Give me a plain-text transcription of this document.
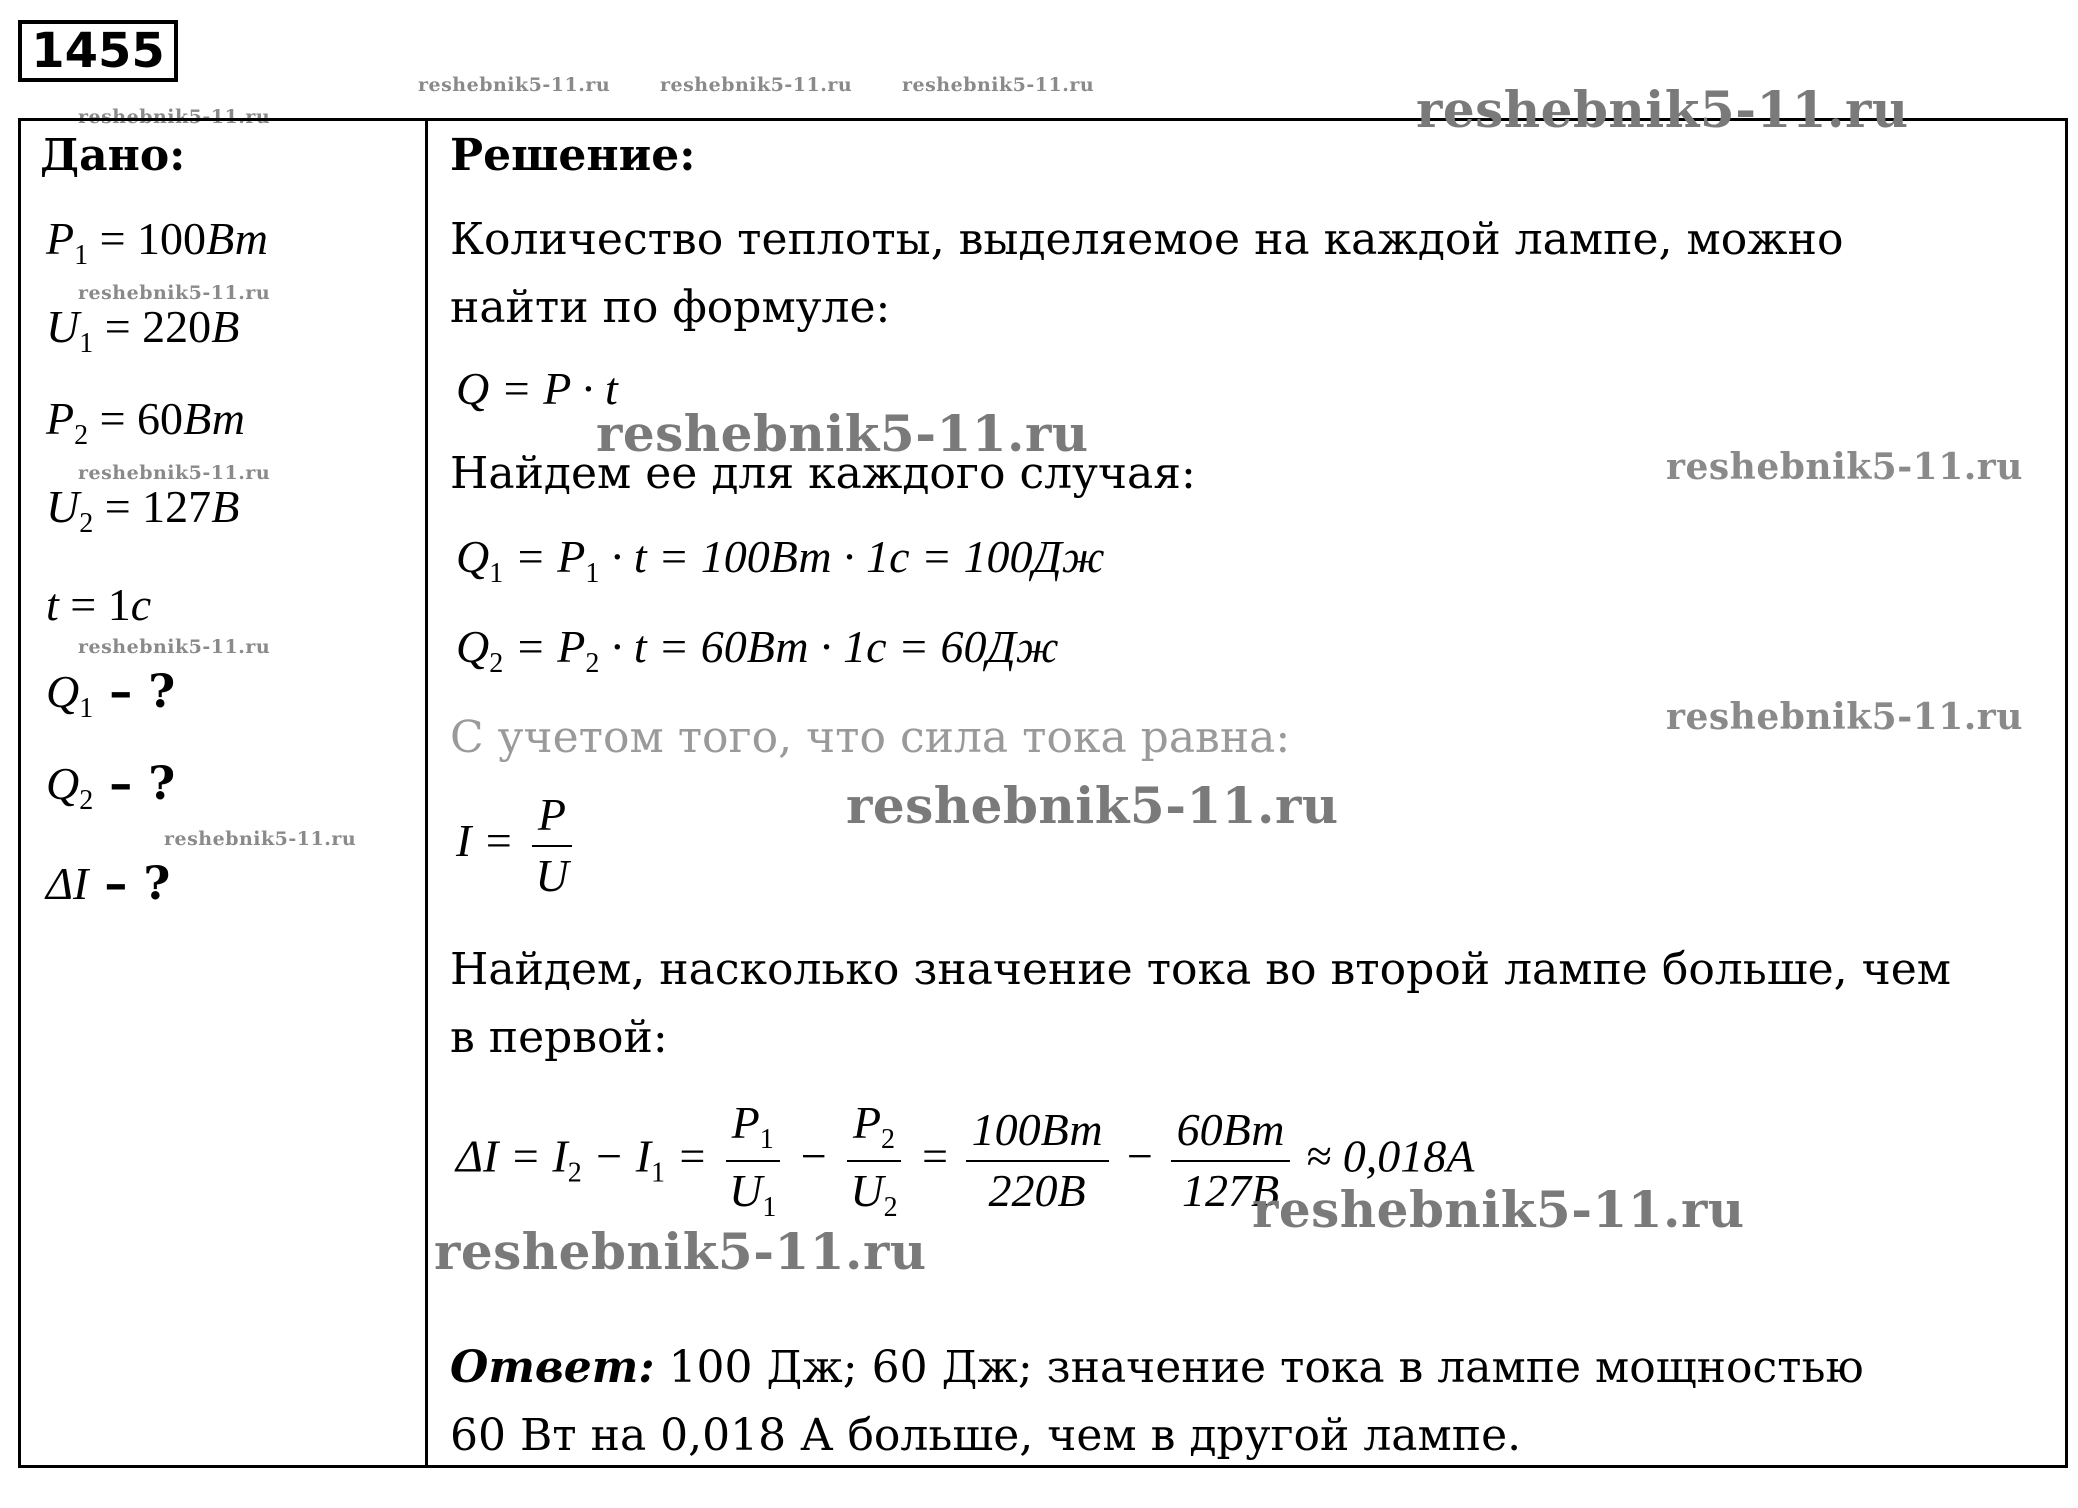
1455
reshebnik5-11.ru	reshebnik5-11.ru	reshebnik5-11.ru
reshebnik5-11.ru
Дано:
$P_1 = 100Вт$
reshebnik5-11.ru
$U_1 = 220В$
$P_2 = 60Вт$
reshebnik5-11.ru
$U_2 = 127В$
t = 1с
reshebnik5-11.ru
$Q_1$ – ?
$Q_2$ – ?
reshebnik5-11.ru
ΔI – ?
Решение:
reshebnik5-11.ru
Количество теплоты, выделяемое на каждой лампе, можно
найти по формуле:
Q = P · t
reshebnik5-11.ru
Найдем ее для каждого случая:	reshebnik5-11.ru
$Q_1 = P_1 \cdot t = 100Вт \cdot 1с = 100Дж$
$Q_2 = P_2 \cdot t = 60Вт \cdot 1с = 60Дж$
reshebnik5-11.ru
С учетом того, что сила тока равна:
reshebnik5-11.ru
$I = \frac{P}{U}$
Найдем, насколько значение тока во второй лампе больше, чем
в первой:
$\Delta I = I_2 - I_1 = \frac{P_1}{U_1} - \frac{P_2}{U_2} = \frac{100Вт}{220В} - \frac{60Вт}{127В} \approx 0,018A$
reshebnik5-11.ru
reshebnik5-11.ru
Ответ: 100 Дж; 60 Дж; значение тока в лампе мощностью
60 Вт на 0,018 А больше, чем в другой лампе.
